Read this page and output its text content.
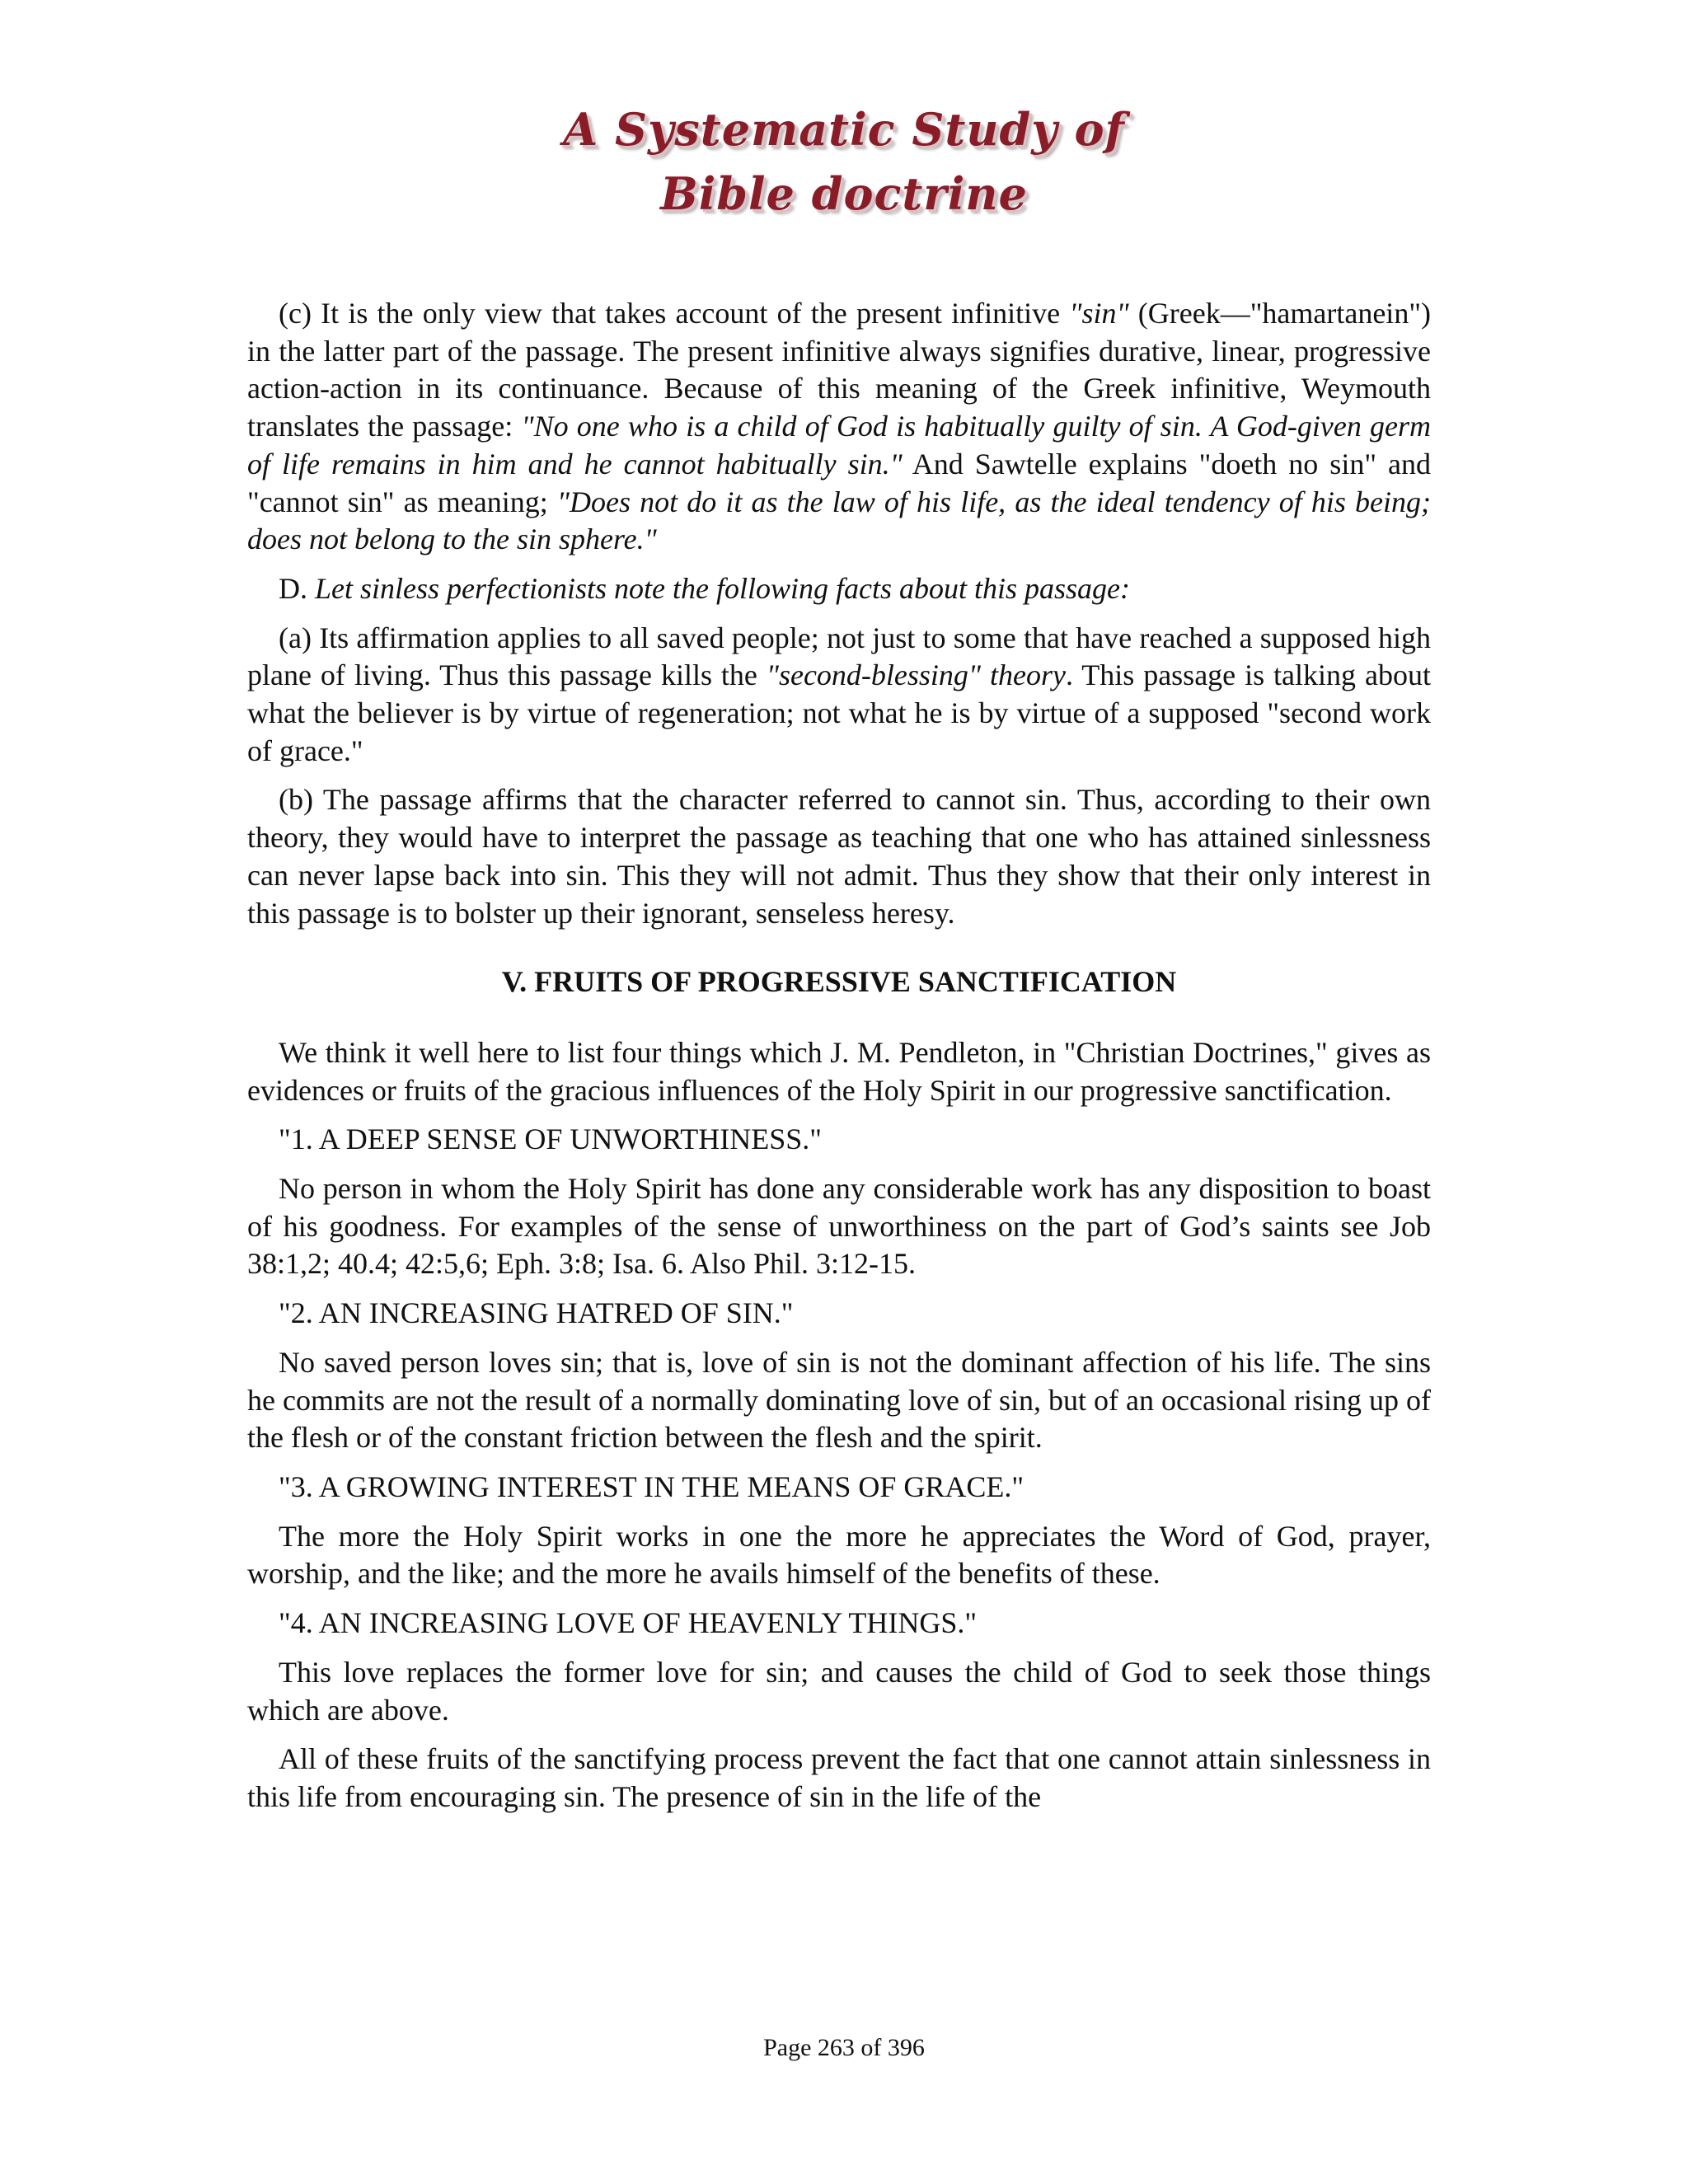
A Systematic Study of
Bible doctrine

(c) It is the only view that takes account of the present infinitive "sin" (Greek—"hamartanein") in the latter part of the passage. The present infinitive always signifies durative, linear, progressive action-action in its continuance. Because of this meaning of the Greek infinitive, Weymouth translates the passage: "No one who is a child of God is habitually guilty of sin. A God-given germ of life remains in him and he cannot habitually sin." And Sawtelle explains "doeth no sin" and "cannot sin" as meaning; "Does not do it as the law of his life, as the ideal tendency of his being; does not belong to the sin sphere."

D. Let sinless perfectionists note the following facts about this passage:

(a) Its affirmation applies to all saved people; not just to some that have reached a supposed high plane of living. Thus this passage kills the "second-blessing" theory. This passage is talking about what the believer is by virtue of regeneration; not what he is by virtue of a supposed "second work of grace."

(b) The passage affirms that the character referred to cannot sin. Thus, according to their own theory, they would have to interpret the passage as teaching that one who has attained sinlessness can never lapse back into sin. This they will not admit. Thus they show that their only interest in this passage is to bolster up their ignorant, senseless heresy.

V. FRUITS OF PROGRESSIVE SANCTIFICATION

We think it well here to list four things which J. M. Pendleton, in "Christian Doctrines," gives as evidences or fruits of the gracious influences of the Holy Spirit in our progressive sanctification.

"1. A DEEP SENSE OF UNWORTHINESS."

No person in whom the Holy Spirit has done any considerable work has any disposition to boast of his goodness. For examples of the sense of unworthiness on the part of God’s saints see Job 38:1,2; 40.4; 42:5,6; Eph. 3:8; Isa. 6. Also Phil. 3:12-15.

"2. AN INCREASING HATRED OF SIN."

No saved person loves sin; that is, love of sin is not the dominant affection of his life. The sins he commits are not the result of a normally dominating love of sin, but of an occasional rising up of the flesh or of the constant friction between the flesh and the spirit.

"3. A GROWING INTEREST IN THE MEANS OF GRACE."

The more the Holy Spirit works in one the more he appreciates the Word of God, prayer, worship, and the like; and the more he avails himself of the benefits of these.

"4. AN INCREASING LOVE OF HEAVENLY THINGS."

This love replaces the former love for sin; and causes the child of God to seek those things which are above.

All of these fruits of the sanctifying process prevent the fact that one cannot attain sinlessness in this life from encouraging sin. The presence of sin in the life of the

Page 263 of 396
